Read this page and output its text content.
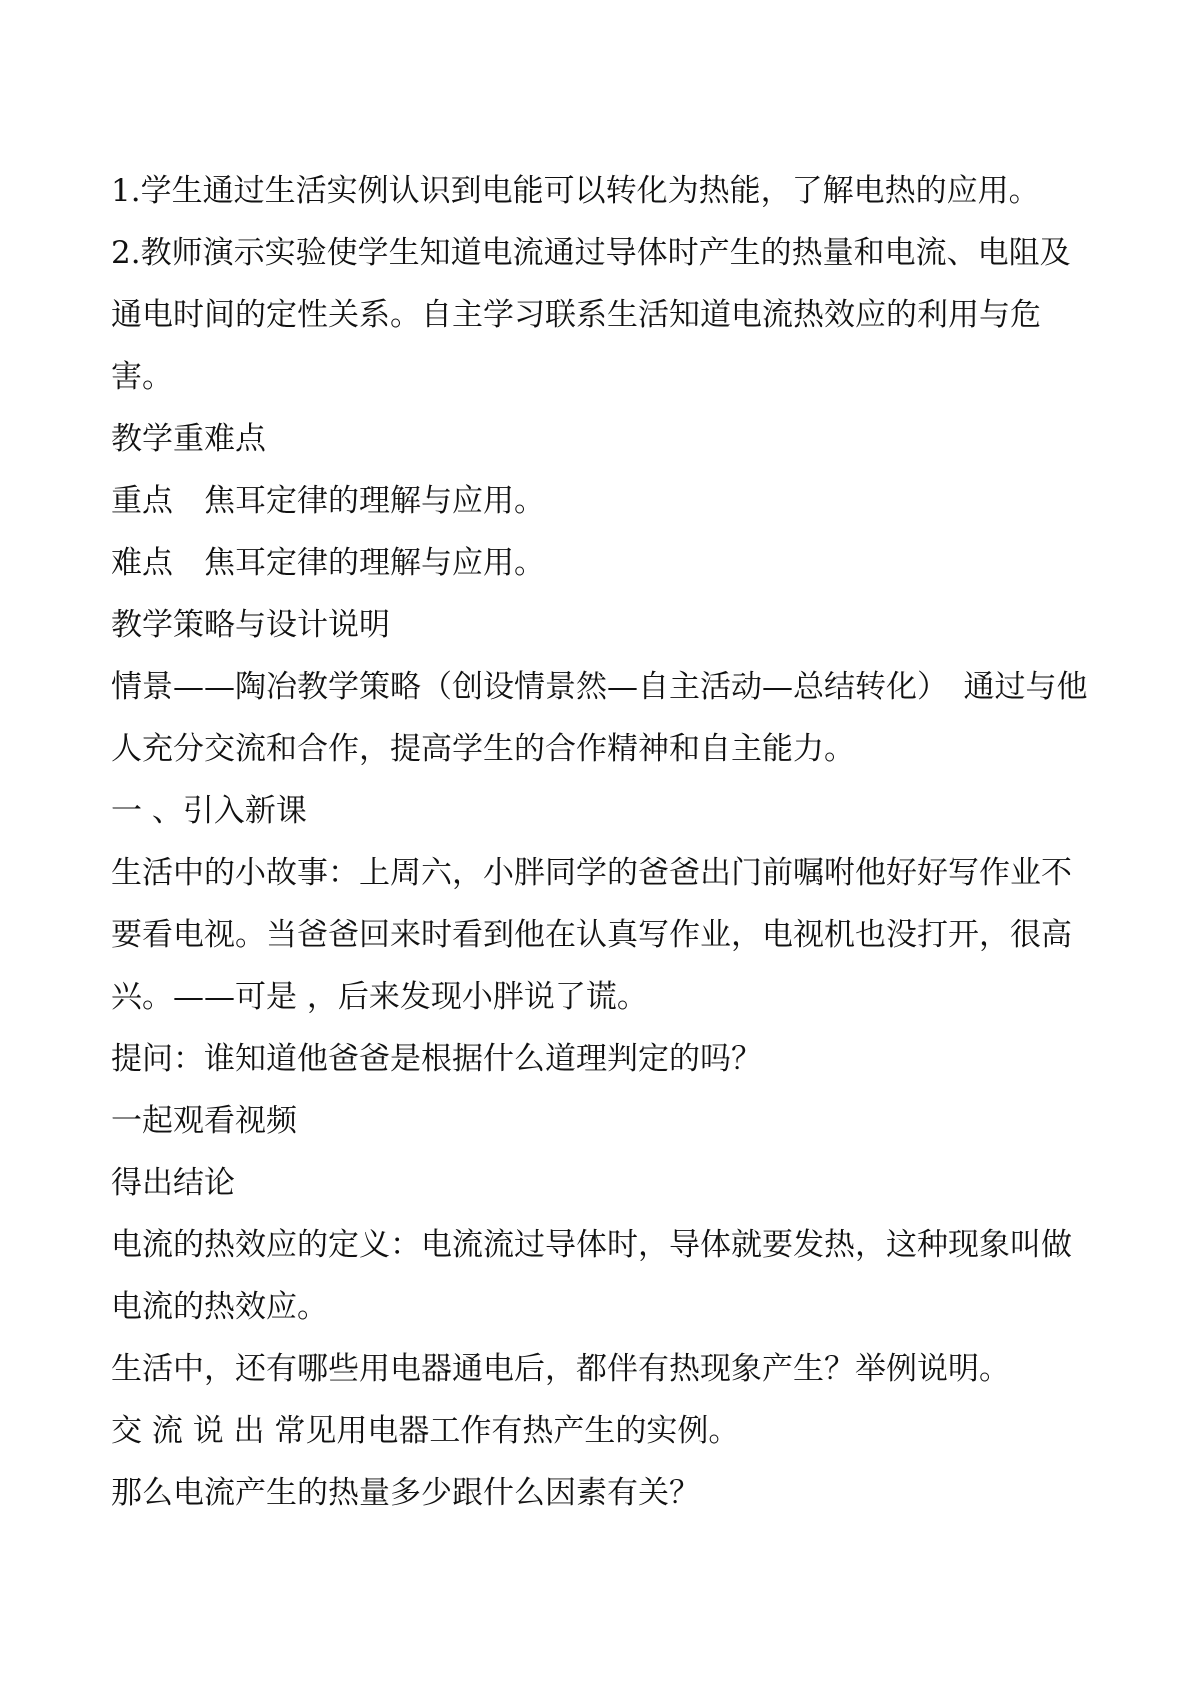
1.学生通过生活实例认识到电能可以转化为热能，了解电热的应用。

2.教师演示实验使学生知道电流通过导体时产生的热量和电流、电阻及通电时间的定性关系。自主学习联系生活知道电流热效应的利用与危害。

教学重难点

重点　焦耳定律的理解与应用。

难点　焦耳定律的理解与应用。

教学策略与设计说明

情景——陶冶教学策略（创设情景然—自主活动—总结转化）　通过与他人充分交流和合作，提高学生的合作精神和自主能力。

一 、引入新课

生活中的小故事：上周六，小胖同学的爸爸出门前嘱咐他好好写作业不要看电视。当爸爸回来时看到他在认真写作业，电视机也没打开，很高兴。——可是 ，后来发现小胖说了谎。

提问：谁知道他爸爸是根据什么道理判定的吗？

一起观看视频

得出结论

电流的热效应的定义：电流流过导体时，导体就要发热，这种现象叫做电流的热效应。

生活中，还有哪些用电器通电后，都伴有热现象产生？举例说明。

交 流 说 出 常见用电器工作有热产生的实例。

那么电流产生的热量多少跟什么因素有关？
